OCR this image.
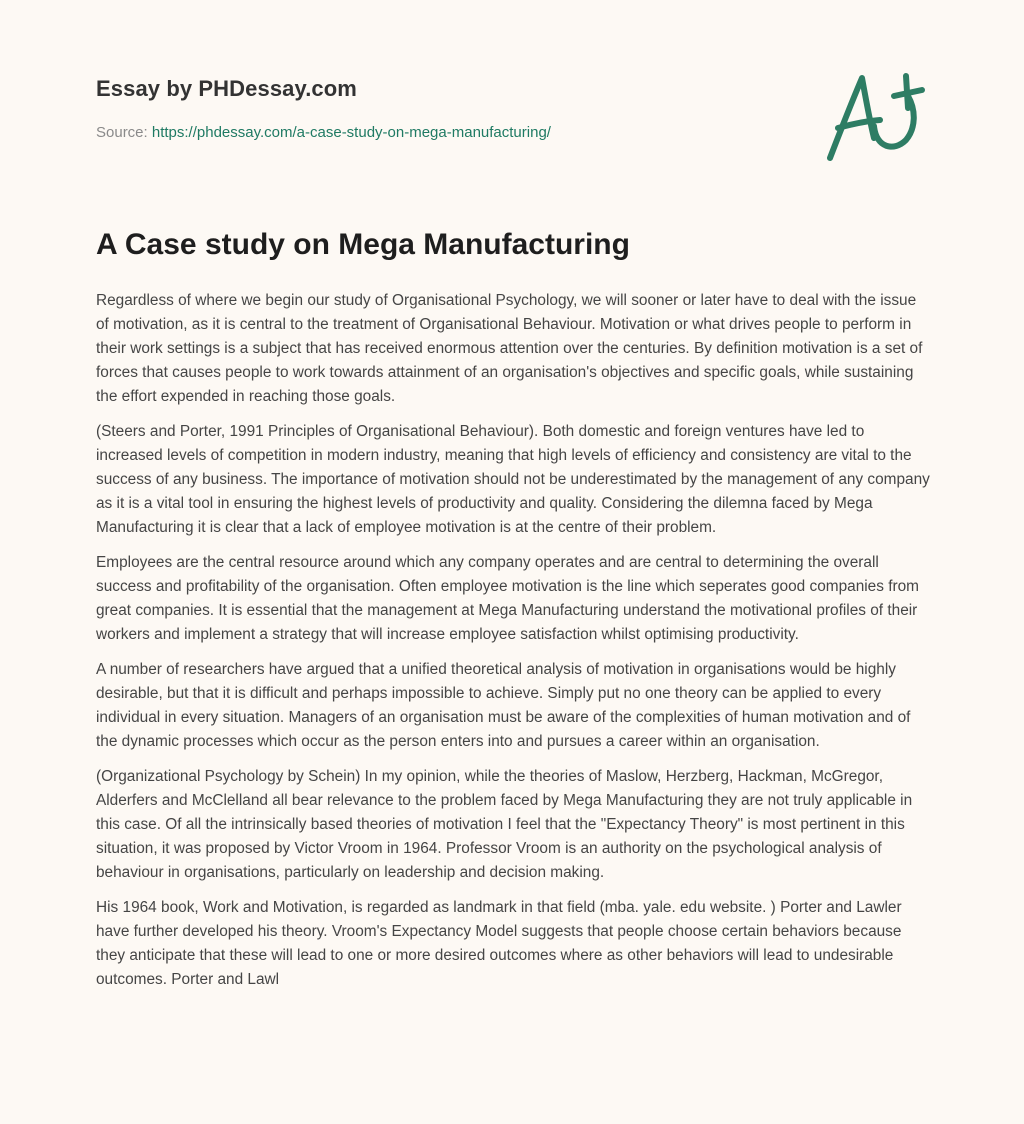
Essay by PHDessay.com
Source: https://phdessay.com/a-case-study-on-mega-manufacturing/
A Case study on Mega Manufacturing

Regardless of where we begin our study of Organisational Psychology, we will sooner or later have to deal with the issue of motivation, as it is central to the treatment of Organisational Behaviour. Motivation or what drives people to perform in their work settings is a subject that has received enormous attention over the centuries. By definition motivation is a set of forces that causes people to work towards attainment of an organisation's objectives and specific goals, while sustaining the effort expended in reaching those goals.

(Steers and Porter, 1991 Principles of Organisational Behaviour). Both domestic and foreign ventures have led to increased levels of competition in modern industry, meaning that high levels of efficiency and consistency are vital to the success of any business. The importance of motivation should not be underestimated by the management of any company as it is a vital tool in ensuring the highest levels of productivity and quality. Considering the dilemna faced by Mega Manufacturing it is clear that a lack of employee motivation is at the centre of their problem.

Employees are the central resource around which any company operates and are central to determining the overall success and profitability of the organisation. Often employee motivation is the line which seperates good companies from great companies. It is essential that the management at Mega Manufacturing understand the motivational profiles of their workers and implement a strategy that will increase employee satisfaction whilst optimising productivity.

A number of researchers have argued that a unified theoretical analysis of motivation in organisations would be highly desirable, but that it is difficult and perhaps impossible to achieve. Simply put no one theory can be applied to every individual in every situation. Managers of an organisation must be aware of the complexities of human motivation and of the dynamic processes which occur as the person enters into and pursues a career within an organisation.

(Organizational Psychology by Schein) In my opinion, while the theories of Maslow, Herzberg, Hackman, McGregor, Alderfers and McClelland all bear relevance to the problem faced by Mega Manufacturing they are not truly applicable in this case. Of all the intrinsically based theories of motivation I feel that the "Expectancy Theory" is most pertinent in this situation, it was proposed by Victor Vroom in 1964. Professor Vroom is an authority on the psychological analysis of behaviour in organisations, particularly on leadership and decision making.

His 1964 book, Work and Motivation, is regarded as landmark in that field (mba. yale. edu website. ) Porter and Lawler have further developed his theory. Vroom's Expectancy Model suggests that people choose certain behaviors because they anticipate that these will lead to one or more desired outcomes where as other behaviors will lead to undesirable outcomes. Porter and Lawl
